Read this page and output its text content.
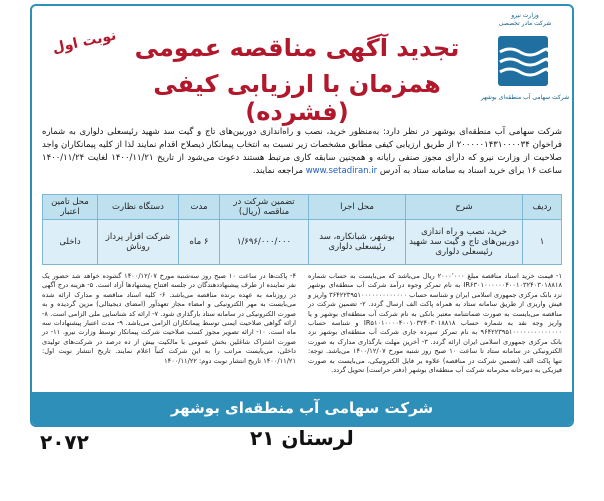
وزارت نیرو
شرکت مادر تخصصی
شرکت سهامی آب منطقه‌ای بوشهر
تجدید آگهی مناقصه عمومی
همزمان با ارزیابی کیفی (فشرده)
نوبت اول
شرکت سهامی آب منطقه‌ای بوشهر در نظر دارد: به‌منظور خرید، نصب و راه‌اندازی دوربین‌های تاج و گیت سد شهید رئیسعلی دلواری به شماره فراخوان ۲۰۰۰۰۰۱۴۳۱۰۰۰۰۳۴ از طریق ارزیابی کیفی مطابق مشخصات زیر نسبت به انتخاب پیمانکار ذیصلاح اقدام نمایند لذا از کلیه پیمانکاران واجد صلاحیت از وزارت نیرو که دارای مجوز صنفی رایانه و همچنین سابقه کاری مرتبط هستند دعوت می‌شود از تاریخ ۱۴۰۰/۱۱/۲۱ لغایت ۱۴۰۰/۱۱/۲۴ ساعت ۱۶ برای خرید اسناد به سامانه ستاد به آدرس www.setadiran.ir مراجعه نمایند.
ردیف	شرح	محل اجرا	تضمین شرکت در مناقصه (ریال)	مدت	دستگاه نظارت	محل تامین اعتبار
۱	خرید، نصب و راه اندازی دوربین‌های تاج و گیت سد شهید رئیسعلی دلواری	بوشهر، شبانکاره، سد رئیسعلی دلواری	۱/۶۹۶/۰۰۰/۰۰۰	۶ ماه	شرکت افزار پرداز روناش	داخلی
۱- قیمت خرید اسناد مناقصه مبلغ ۲۰۰۰٬۰۰۰ ریال می‌باشد که می‌بایست به حساب شماره IR۶۳۰۱۰۰۰۰۰۰۴۰۰۱۰۳۲۴۰۳۰۱۸۸۱۸ به نام تمرکز وجوه درآمد شرکت آب منطقه‌ای بوشهر نزد بانک مرکزی جمهوری اسلامی ایران و شناسه حساب ۳۶۴۲۲۳۹۵۱۰۰۰۰۰۰۰۰۰۰۰۰۰ واریز و فیش واریزی از طریق سامانه ستاد به همراه پاکت الف ارسال گردد. ۲- تضمین شرکت در مناقصه می‌بایست به صورت ضمانتنامه معتبر بانکی به نام شرکت آب منطقه‌ای بوشهر و یا واریز وجه نقد به شماره حساب IR۵۱۰۱۰۰۰۰۴۰۰۱۰۳۲۴۰۳۰۱۸۸۱۸ و شناسه حساب ۹۶۴۲۲۳۹۵۱۰۰۰۰۰۰۰۰۰۰۰۰۰۰ به نام تمرکز سپرده جاری شرکت آب منطقه‌ای بوشهر نزد بانک مرکزی جمهوری اسلامی ایران ارائه گردد. ۳- آخرین مهلت بارگذاری مدارک به صورت الکترونیکی در سامانه ستاد تا ساعت ۱۰ صبح روز شنبه مورخ ۱۴۰۰/۱۲/۰۷ می‌باشد. توجه: تنها پاکت الف (تضمین شرکت در مناقصه) علاوه بر فایل الکترونیکی، می‌بایست به صورت فیزیکی به دبیرخانه محرمانه شرکت آب منطقه‌ای بوشهر (دفتر حراست) تحویل گردد.
۴- پاکت‌ها در ساعت ۱۰ صبح روز سه‌شنبه مورخ ۱۴۰۰/۱۲/۰۷ گشوده خواهد شد حضور یک نفر نماینده از طرف پیشنهاددهندگان در جلسه افتتاح پیشنهادها آزاد است. ۵- هزینه درج آگهی در روزنامه به عهده برنده مناقصه می‌باشد. ۶- کلیه اسناد مناقصه و مدارک ارائه شده می‌بایست به مهر الکترونیکی و امضاء مجاز تعهدآور (امضای دیجیتالی) مزین گردیده و به صورت الکترونیکی در سامانه ستاد بارگذاری شود. ۷- ارائه کد شناسایی ملی الزامی است. ۸- ارائه گواهی صلاحیت ایمنی توسط پیمانکاران الزامی می‌باشد. ۹- مدت اعتبار پیشنهادات سه ماه است. ۱۰- ارائه تصویر مجوز کسب صلاحیت شرکت پیمانکار توسط وزارت نیرو. ۱۱- در صورت اشتراک شاغلین بخش عمومی با مالکیت بیش از ده درصد در شرکت‌های تولیدی داخلی، می‌بایست مراتب را به این شرکت کتباً اعلام نمایند. تاریخ انتشار نوبت اول: ۱۴۰۰/۱۱/۲۱ تاریخ انتشار نوبت دوم: ۱۴۰۰/۱۱/۲۲
شرکت سهامی آب منطقه‌ای بوشهر
۲۰۷۲	لرستان ۲۱
